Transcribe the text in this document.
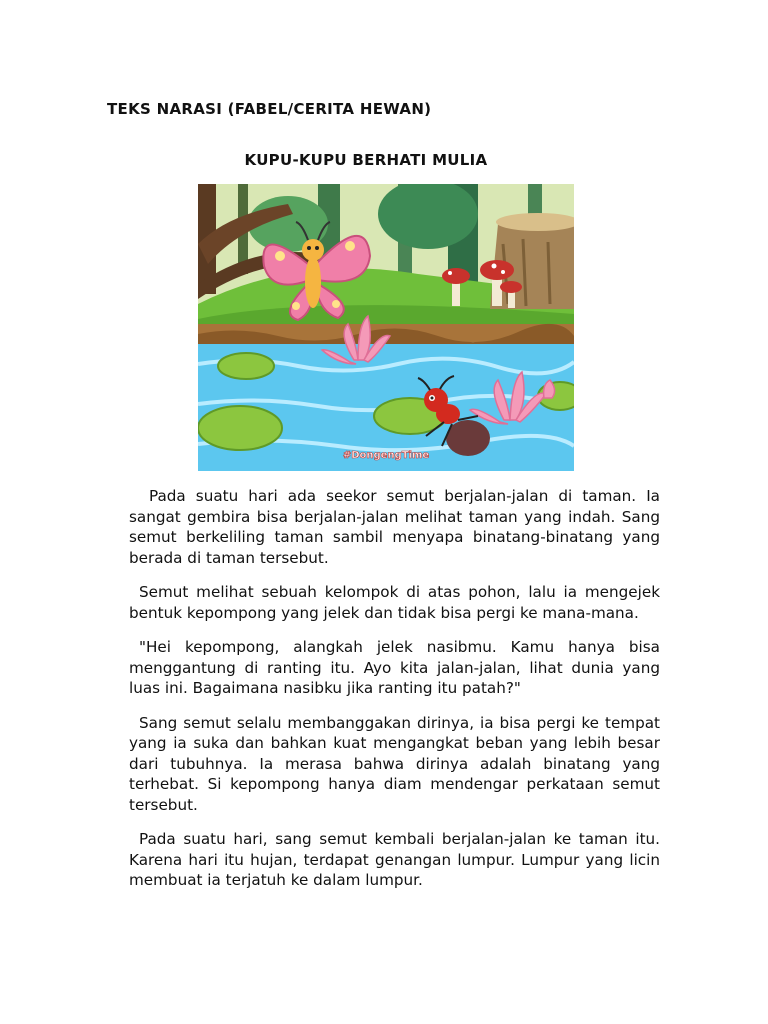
TEKS NARASI (FABEL/CERITA HEWAN)
KUPU-KUPU BERHATI MULIA
#DongengTime

Pada suatu hari ada seekor semut berjalan-jalan di taman. Ia sangat gembira bisa berjalan-jalan melihat taman yang indah. Sang semut berkeliling taman sambil menyapa binatang-binatang yang berada di taman tersebut.

Semut melihat sebuah kelompok di atas pohon, lalu ia mengejek bentuk kepompong yang jelek dan tidak bisa pergi ke mana-mana.

"Hei kepompong, alangkah jelek nasibmu. Kamu hanya bisa menggantung di ranting itu. Ayo kita jalan-jalan, lihat dunia yang luas ini. Bagaimana nasibku jika ranting itu patah?"

Sang semut selalu membanggakan dirinya, ia bisa pergi ke tempat yang ia suka dan bahkan kuat mengangkat beban yang lebih besar dari tubuhnya. Ia merasa bahwa dirinya adalah binatang yang terhebat. Si kepompong hanya diam mendengar perkataan semut tersebut.

Pada suatu hari, sang semut kembali berjalan-jalan ke taman itu. Karena hari itu hujan, terdapat genangan lumpur. Lumpur yang licin membuat ia terjatuh ke dalam lumpur.
